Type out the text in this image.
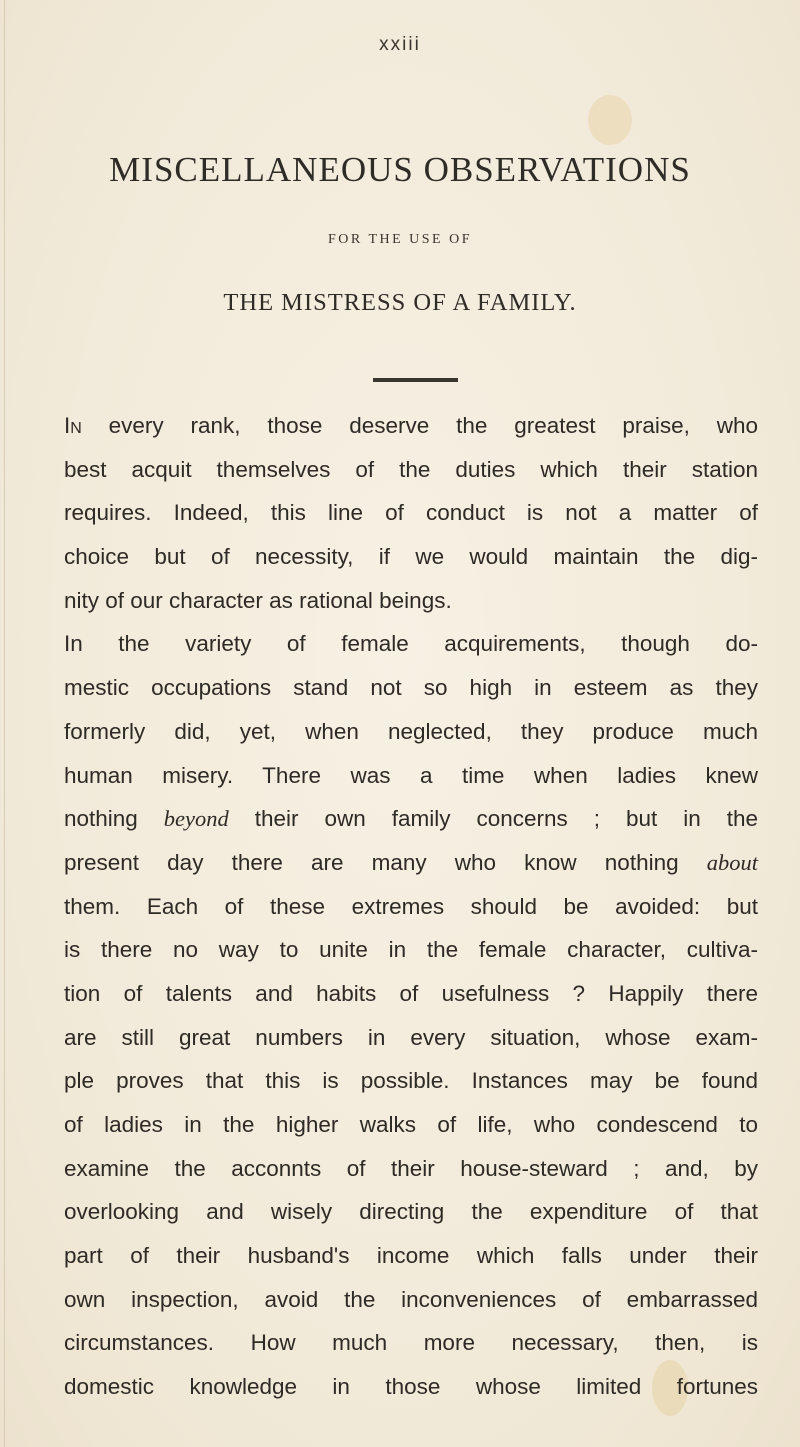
xxiii
MISCELLANEOUS OBSERVATIONS
FOR THE USE OF
THE MISTRESS OF A FAMILY.
In every rank, those deserve the greatest praise, who
best acquit themselves of the duties which their station
requires. Indeed, this line of conduct is not a matter of
choice but of necessity, if we would maintain the dig-
nity of our character as rational beings.
In the variety of female acquirements, though do-
mestic occupations stand not so high in esteem as they
formerly did, yet, when neglected, they produce much
human misery. There was a time when ladies knew
nothing beyond their own family concerns ; but in the
present day there are many who know nothing about
them. Each of these extremes should be avoided: but
is there no way to unite in the female character, cultiva-
tion of talents and habits of usefulness ? Happily there
are still great numbers in every situation, whose exam-
ple proves that this is possible. Instances may be found
of ladies in the higher walks of life, who condescend to
examine the acconnts of their house-steward ; and, by
overlooking and wisely directing the expenditure of that
part of their husband's income which falls under their
own inspection, avoid the inconveniences of embarrassed
circumstances. How much more necessary, then, is
domestic knowledge in those whose limited fortunes
